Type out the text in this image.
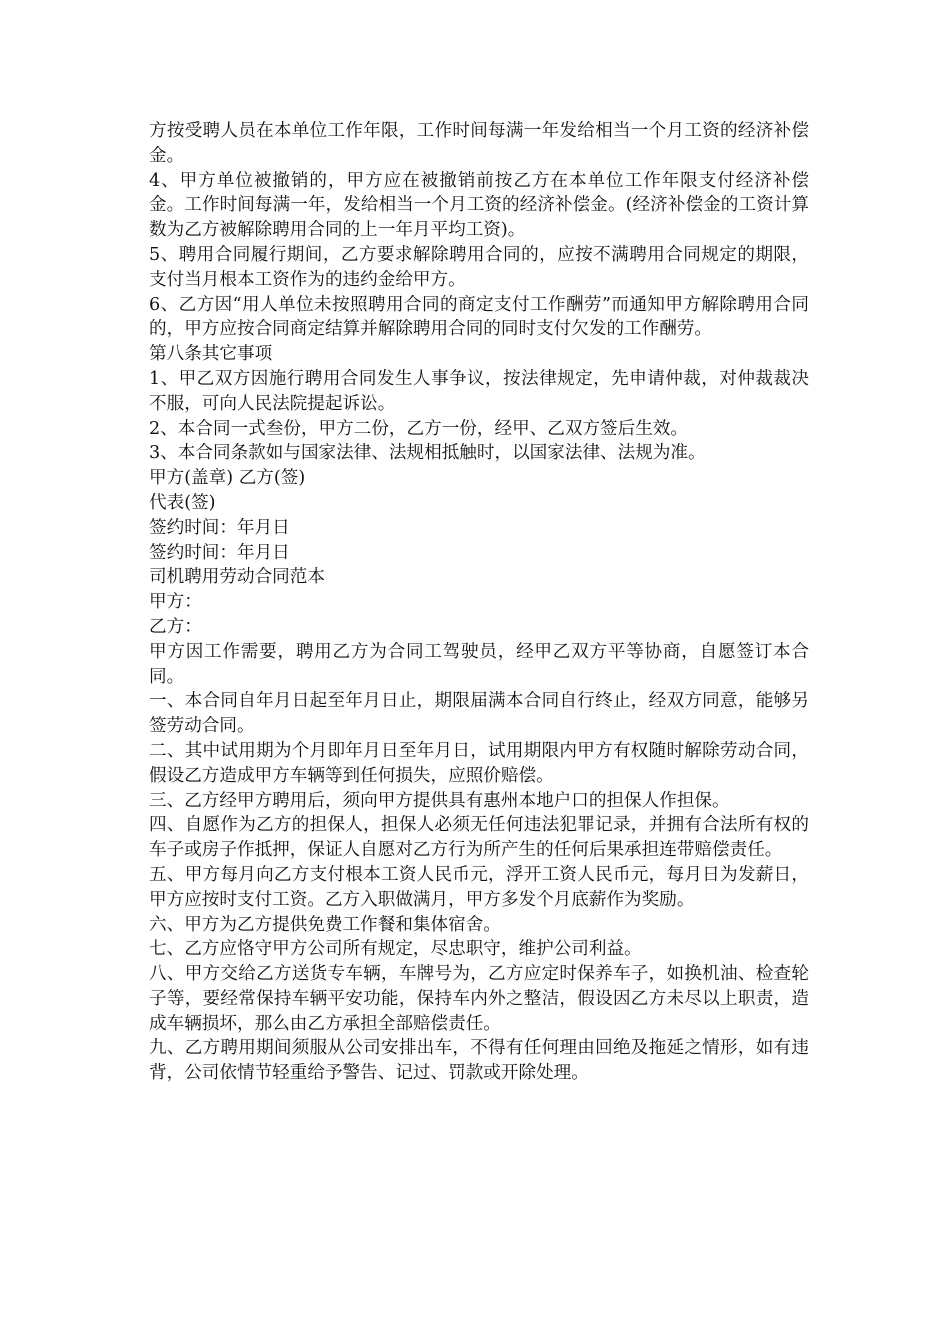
方按受聘人员在本单位工作年限，工作时间每满一年发给相当一个月工资的经济补偿金。

4、甲方单位被撤销的，甲方应在被撤销前按乙方在本单位工作年限支付经济补偿金。工作时间每满一年，发给相当一个月工资的经济补偿金。(经济补偿金的工资计算数为乙方被解除聘用合同的上一年月平均工资)。

5、聘用合同履行期间，乙方要求解除聘用合同的，应按不满聘用合同规定的期限，支付当月根本工资作为的违约金给甲方。

6、乙方因“用人单位未按照聘用合同的商定支付工作酬劳”而通知甲方解除聘用合同的，甲方应按合同商定结算并解除聘用合同的同时支付欠发的工作酬劳。

第八条其它事项

1、甲乙双方因施行聘用合同发生人事争议，按法律规定，先申请仲裁，对仲裁裁决不服，可向人民法院提起诉讼。

2、本合同一式叁份，甲方二份，乙方一份，经甲、乙双方签后生效。

3、本合同条款如与国家法律、法规相抵触时，以国家法律、法规为准。

甲方(盖章) 乙方(签)

代表(签)

签约时间：年月日

签约时间：年月日

司机聘用劳动合同范本

甲方：

乙方：

甲方因工作需要，聘用乙方为合同工驾驶员，经甲乙双方平等协商，自愿签订本合同。

一、本合同自年月日起至年月日止，期限届满本合同自行终止，经双方同意，能够另签劳动合同。

二、其中试用期为个月即年月日至年月日，试用期限内甲方有权随时解除劳动合同，假设乙方造成甲方车辆等到任何损失，应照价赔偿。

三、乙方经甲方聘用后，须向甲方提供具有惠州本地户口的担保人作担保。

四、自愿作为乙方的担保人，担保人必须无任何违法犯罪记录，并拥有合法所有权的车子或房子作抵押，保证人自愿对乙方行为所产生的任何后果承担连带赔偿责任。

五、甲方每月向乙方支付根本工资人民币元，浮开工资人民币元，每月日为发薪日，甲方应按时支付工资。乙方入职做满月，甲方多发个月底薪作为奖励。

六、甲方为乙方提供免费工作餐和集体宿舍。

七、乙方应恪守甲方公司所有规定，尽忠职守，维护公司利益。

八、甲方交给乙方送货专车辆，车牌号为，乙方应定时保养车子，如换机油、检查轮子等，要经常保持车辆平安功能，保持车内外之整洁，假设因乙方未尽以上职责，造成车辆损坏，那么由乙方承担全部赔偿责任。

九、乙方聘用期间须服从公司安排出车，不得有任何理由回绝及拖延之情形，如有违背，公司依情节轻重给予警告、记过、罚款或开除处理。
